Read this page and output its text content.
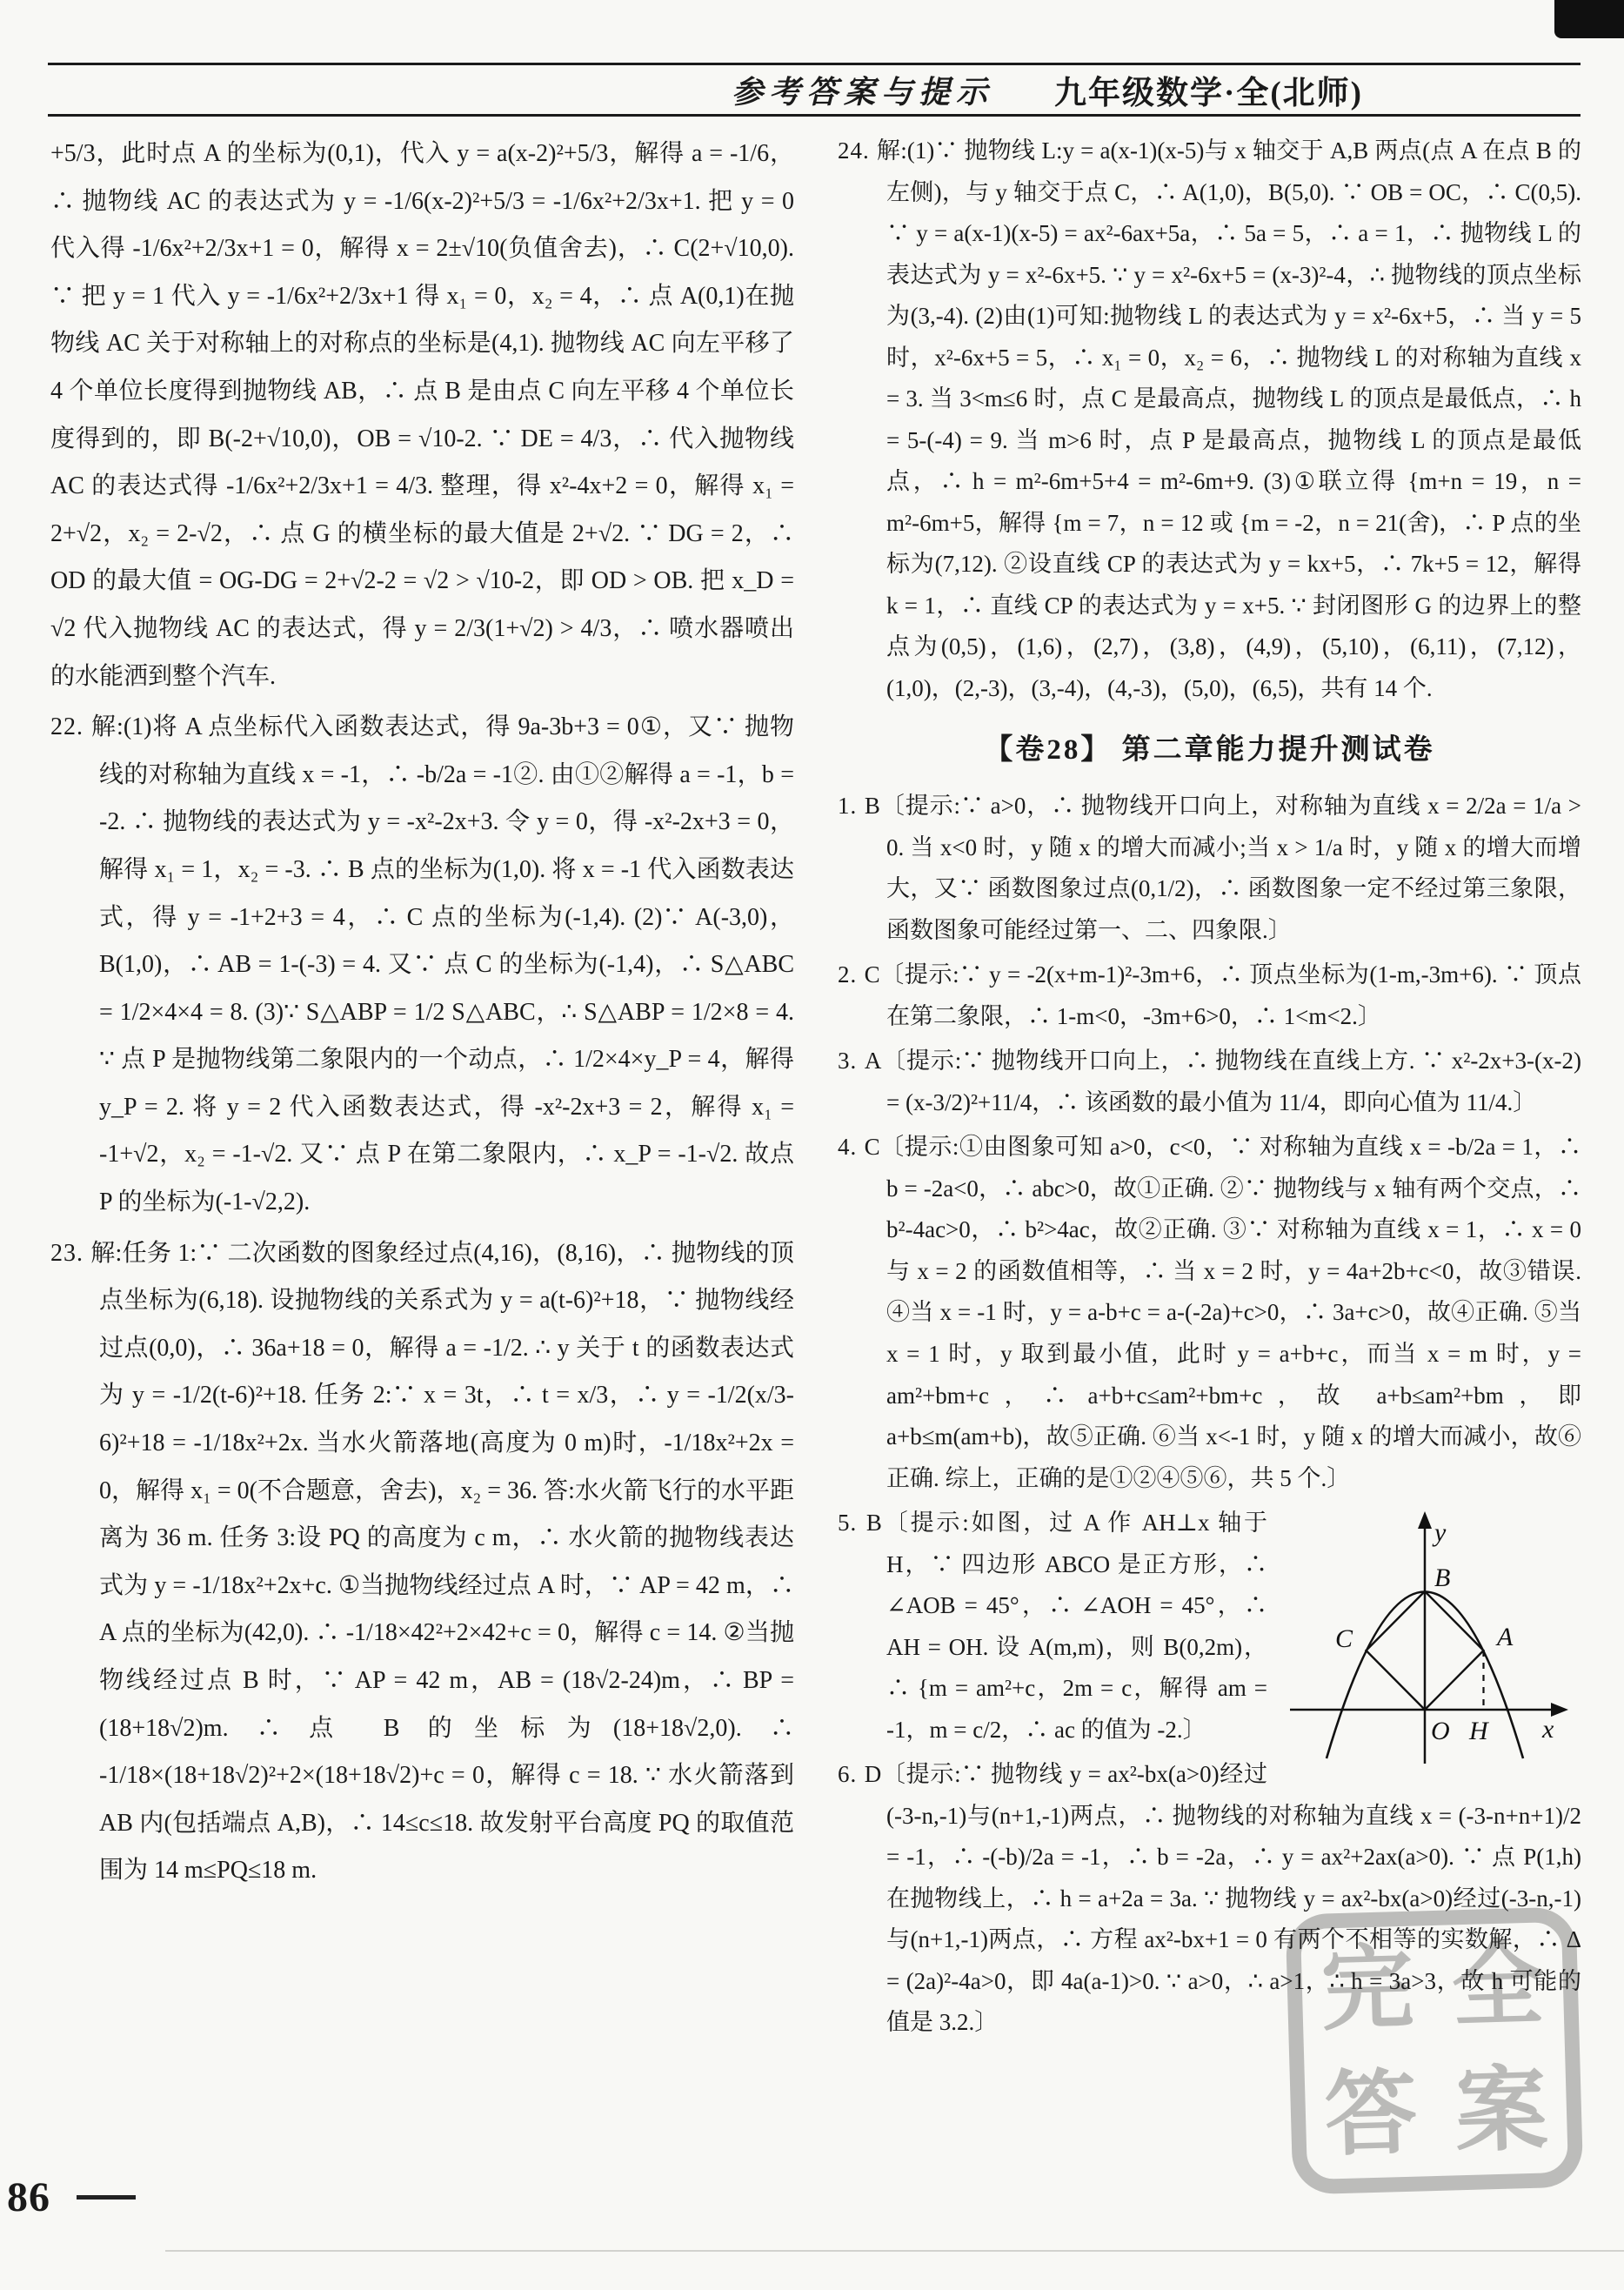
参考答案与提示 九年级数学·全(北师)
完 全
答 案

+5/3，此时点 A 的坐标为(0,1)，代入 y = a(x-2)²+5/3，解得 a = -1/6，∴ 抛物线 AC 的表达式为 y = -1/6(x-2)²+5/3 = -1/6x²+2/3x+1. 把 y = 0 代入得 -1/6x²+2/3x+1 = 0，解得 x = 2±√10(负值舍去)，∴ C(2+√10,0). ∵ 把 y = 1 代入 y = -1/6x²+2/3x+1 得 x₁ = 0，x₂ = 4，∴ 点 A(0,1)在抛物线 AC 关于对称轴上的对称点的坐标是(4,1). 抛物线 AC 向左平移了 4 个单位长度得到抛物线 AB，∴ 点 B 是由点 C 向左平移 4 个单位长度得到的，即 B(-2+√10,0)，OB = √10-2. ∵ DE = 4/3，∴ 代入抛物线 AC 的表达式得 -1/6x²+2/3x+1 = 4/3. 整理，得 x²-4x+2 = 0，解得 x₁ = 2+√2，x₂ = 2-√2，∴ 点 G 的横坐标的最大值是 2+√2. ∵ DG = 2，∴ OD 的最大值 = OG-DG = 2+√2-2 = √2 > √10-2，即 OD > OB. 把 x_D = √2 代入抛物线 AC 的表达式，得 y = 2/3(1+√2) > 4/3，∴ 喷水器喷出的水能洒到整个汽车.

22. 解:(1)将 A 点坐标代入函数表达式，得 9a-3b+3 = 0①，又∵ 抛物线的对称轴为直线 x = -1，∴ -b/2a = -1②. 由①②解得 a = -1，b = -2. ∴ 抛物线的表达式为 y = -x²-2x+3. 令 y = 0，得 -x²-2x+3 = 0，解得 x₁ = 1，x₂ = -3. ∴ B 点的坐标为(1,0). 将 x = -1 代入函数表达式，得 y = -1+2+3 = 4，∴ C 点的坐标为(-1,4). (2)∵ A(-3,0)，B(1,0)，∴ AB = 1-(-3) = 4. 又∵ 点 C 的坐标为(-1,4)，∴ S△ABC = 1/2×4×4 = 8. (3)∵ S△ABP = 1/2 S△ABC，∴ S△ABP = 1/2×8 = 4. ∵ 点 P 是抛物线第二象限内的一个动点，∴ 1/2×4×y_P = 4，解得 y_P = 2. 将 y = 2 代入函数表达式，得 -x²-2x+3 = 2，解得 x₁ = -1+√2，x₂ = -1-√2. 又∵ 点 P 在第二象限内，∴ x_P = -1-√2. 故点 P 的坐标为(-1-√2,2).

23. 解:任务 1:∵ 二次函数的图象经过点(4,16)，(8,16)，∴ 抛物线的顶点坐标为(6,18). 设抛物线的关系式为 y = a(t-6)²+18，∵ 抛物线经过点(0,0)，∴ 36a+18 = 0，解得 a = -1/2. ∴ y 关于 t 的函数表达式为 y = -1/2(t-6)²+18. 任务 2:∵ x = 3t，∴ t = x/3，∴ y = -1/2(x/3-6)²+18 = -1/18x²+2x. 当水火箭落地(高度为 0 m)时，-1/18x²+2x = 0，解得 x₁ = 0(不合题意，舍去)，x₂ = 36. 答:水火箭飞行的水平距离为 36 m. 任务 3:设 PQ 的高度为 c m，∴ 水火箭的抛物线表达式为 y = -1/18x²+2x+c. ①当抛物线经过点 A 时，∵ AP = 42 m，∴ A 点的坐标为(42,0). ∴ -1/18×42²+2×42+c = 0，解得 c = 14. ②当抛物线经过点 B 时，∵ AP = 42 m，AB = (18√2-24)m，∴ BP = (18+18√2)m. ∴ 点 B 的坐标为(18+18√2,0). ∴ -1/18×(18+18√2)²+2×(18+18√2)+c = 0，解得 c = 18. ∵ 水火箭落到 AB 内(包括端点 A,B)，∴ 14≤c≤18. 故发射平台高度 PQ 的取值范围为 14 m≤PQ≤18 m.

24. 解:(1)∵ 抛物线 L:y = a(x-1)(x-5)与 x 轴交于 A,B 两点(点 A 在点 B 的左侧)，与 y 轴交于点 C，∴ A(1,0)，B(5,0). ∵ OB = OC，∴ C(0,5). ∵ y = a(x-1)(x-5) = ax²-6ax+5a，∴ 5a = 5，∴ a = 1，∴ 抛物线 L 的表达式为 y = x²-6x+5. ∵ y = x²-6x+5 = (x-3)²-4，∴ 抛物线的顶点坐标为(3,-4). (2)由(1)可知:抛物线 L 的表达式为 y = x²-6x+5，∴ 当 y = 5 时，x²-6x+5 = 5，∴ x₁ = 0，x₂ = 6，∴ 抛物线 L 的对称轴为直线 x = 3. 当 3<m≤6 时，点 C 是最高点，抛物线 L 的顶点是最低点，∴ h = 5-(-4) = 9. 当 m>6 时，点 P 是最高点，抛物线 L 的顶点是最低点，∴ h = m²-6m+5+4 = m²-6m+9. (3)①联立得 {m+n = 19，n = m²-6m+5，解得 {m = 7，n = 12 或 {m = -2，n = 21(舍)，∴ P 点的坐标为(7,12). ②设直线 CP 的表达式为 y = kx+5，∴ 7k+5 = 12，解得 k = 1，∴ 直线 CP 的表达式为 y = x+5. ∵ 封闭图形 G 的边界上的整点为(0,5)，(1,6)，(2,7)，(3,8)，(4,9)，(5,10)，(6,11)，(7,12)，(1,0)，(2,-3)，(3,-4)，(4,-3)，(5,0)，(6,5)，共有 14 个.

【卷28】 第二章能力提升测试卷

1. B〔提示:∵ a>0，∴ 抛物线开口向上，对称轴为直线 x = 2/2a = 1/a > 0. 当 x<0 时，y 随 x 的增大而减小;当 x > 1/a 时，y 随 x 的增大而增大，又∵ 函数图象过点(0,1/2)，∴ 函数图象一定不经过第三象限，函数图象可能经过第一、二、四象限.〕

2. C〔提示:∵ y = -2(x+m-1)²-3m+6，∴ 顶点坐标为(1-m,-3m+6). ∵ 顶点在第二象限，∴ 1-m<0，-3m+6>0，∴ 1<m<2.〕

3. A〔提示:∵ 抛物线开口向上，∴ 抛物线在直线上方. ∵ x²-2x+3-(x-2) = (x-3/2)²+11/4，∴ 该函数的最小值为 11/4，即向心值为 11/4.〕

4. C〔提示:①由图象可知 a>0，c<0，∵ 对称轴为直线 x = -b/2a = 1，∴ b = -2a<0，∴ abc>0，故①正确. ②∵ 抛物线与 x 轴有两个交点，∴ b²-4ac>0，∴ b²>4ac，故②正确. ③∵ 对称轴为直线 x = 1，∴ x = 0 与 x = 2 的函数值相等，∴ 当 x = 2 时，y = 4a+2b+c<0，故③错误. ④当 x = -1 时，y = a-b+c = a-(-2a)+c>0，∴ 3a+c>0，故④正确. ⑤当 x = 1 时，y 取到最小值，此时 y = a+b+c，而当 x = m 时，y = am²+bm+c，∴ a+b+c≤am²+bm+c，故 a+b≤am²+bm，即 a+b≤m(am+b)，故⑤正确. ⑥当 x<-1 时，y 随 x 的增大而减小，故⑥正确. 综上，正确的是①②④⑤⑥，共 5 个.〕

y
B
C	A
O H x
5. B〔提示:如图，过 A 作 AH⊥x 轴于 H，∵ 四边形 ABCO 是正方形，∴ ∠AOB = 45°，∴ ∠AOH = 45°，∴ AH = OH. 设 A(m,m)，则 B(0,2m)，∴ {m = am²+c，2m = c，解得 am = -1，m = c/2，∴ ac 的值为 -2.〕

6. D〔提示:∵ 抛物线 y = ax²-bx(a>0)经过(-3-n,-1)与(n+1,-1)两点，∴ 抛物线的对称轴为直线 x = (-3-n+n+1)/2 = -1，∴ -(-b)/2a = -1，∴ b = -2a，∴ y = ax²+2ax(a>0). ∵ 点 P(1,h)在抛物线上，∴ h = a+2a = 3a. ∵ 抛物线 y = ax²-bx(a>0)经过(-3-n,-1)与(n+1,-1)两点，∴ 方程 ax²-bx+1 = 0 有两个不相等的实数解，∴ Δ = (2a)²-4a>0，即 4a(a-1)>0. ∵ a>0，∴ a>1，∴ h = 3a>3，故 h 可能的值是 3.2.〕

86
